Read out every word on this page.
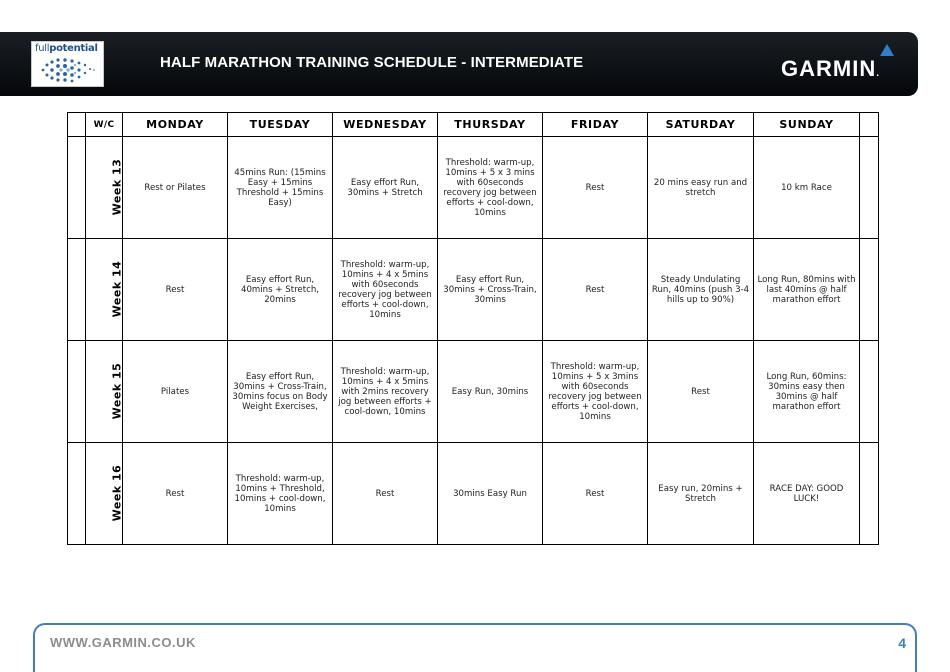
fullpotential
HALF MARATHON TRAINING SCHEDULE - INTERMEDIATE	GARMIN.
	W/C	MONDAY	TUESDAY	WEDNESDAY	THURSDAY	FRIDAY	SATURDAY	SUNDAY	
	Week 13	Rest or Pilates	45mins Run: (15mins Easy + 15mins Threshold + 15mins Easy)	Easy effort Run, 30mins + Stretch	Threshold: warm-up, 10mins + 5 x 3 mins with 60seconds recovery jog between efforts + cool-down, 10mins	Rest	20 mins easy run and stretch	10 km Race	
	Week 14	Rest	Easy effort Run, 40mins + Stretch, 20mins	Threshold: warm-up, 10mins + 4 x 5mins with 60seconds recovery jog between efforts + cool-down, 10mins	Easy effort Run, 30mins + Cross-Train, 30mins	Rest	Steady Undulating Run, 40mins (push 3-4 hills up to 90%)	Long Run, 80mins with last 40mins @ half marathon effort	
	Week 15	Pilates	Easy effort Run, 30mins + Cross-Train, 30mins focus on Body Weight Exercises,	Threshold: warm-up, 10mins + 4 x 5mins with 2mins recovery jog between efforts + cool-down, 10mins	Easy Run, 30mins	Threshold: warm-up, 10mins + 5 x 3mins with 60seconds recovery jog between efforts + cool-down, 10mins	Rest	Long Run, 60mins: 30mins easy then 30mins @ half marathon effort	
	Week 16	Rest	Threshold: warm-up, 10mins + Threshold, 10mins + cool-down, 10mins	Rest	30mins Easy Run	Rest	Easy run, 20mins + Stretch	RACE DAY: GOOD LUCK!	
WWW.GARMIN.CO.UK	4
